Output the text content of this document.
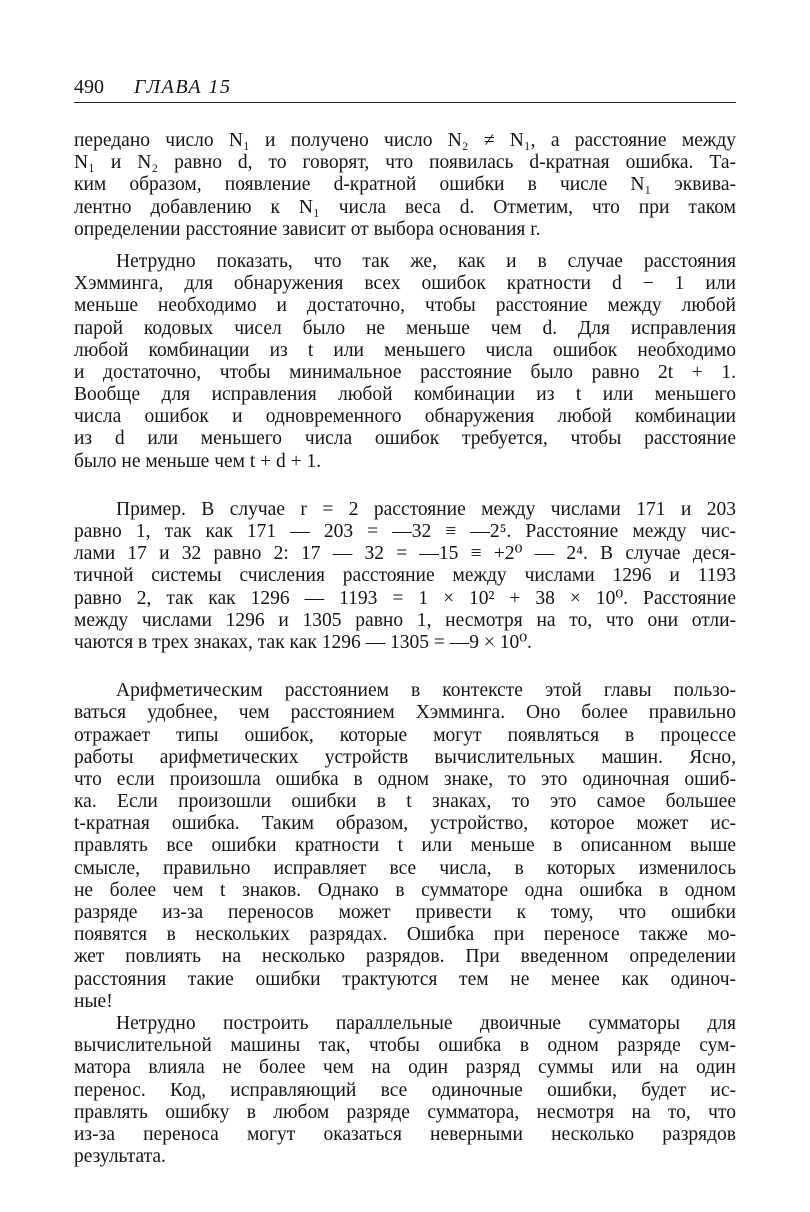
490 ГЛАВА 15
передано число N₁ и получено число N₂ ≠ N₁, а расстояние между
N₁ и N₂ равно d, то говорят, что появилась d-кратная ошибка. Та-
ким образом, появление d-кратной ошибки в числе N₁ эквива-
лентно добавлению к N₁ числа веса d. Отметим, что при таком
определении расстояние зависит от выбора основания r.
Нетрудно показать, что так же, как и в случае расстояния
Хэмминга, для обнаружения всех ошибок кратности d − 1 или
меньше необходимо и достаточно, чтобы расстояние между любой
парой кодовых чисел было не меньше чем d. Для исправления
любой комбинации из t или меньшего числа ошибок необходимо
и достаточно, чтобы минимальное расстояние было равно 2t + 1.
Вообще для исправления любой комбинации из t или меньшего
числа ошибок и одновременного обнаружения любой комбинации
из d или меньшего числа ошибок требуется, чтобы расстояние
было не меньше чем t + d + 1.
Пример. В случае r = 2 расстояние между числами 171 и 203
равно 1, так как 171 — 203 = —32 ≡ —2⁵. Расстояние между чис-
лами 17 и 32 равно 2: 17 — 32 = —15 ≡ +2⁰ — 2⁴. В случае деся-
тичной системы счисления расстояние между числами 1296 и 1193
равно 2, так как 1296 — 1193 = 1 × 10² + 38 × 10⁰. Расстояние
между числами 1296 и 1305 равно 1, несмотря на то, что они отли-
чаются в трех знаках, так как 1296 — 1305 = —9 × 10⁰.
Арифметическим расстоянием в контексте этой главы пользо-
ваться удобнее, чем расстоянием Хэмминга. Оно более правильно
отражает типы ошибок, которые могут появляться в процессе
работы арифметических устройств вычислительных машин. Ясно,
что если произошла ошибка в одном знаке, то это одиночная ошиб-
ка. Если произошли ошибки в t знаках, то это самое большее
t-кратная ошибка. Таким образом, устройство, которое может ис-
правлять все ошибки кратности t или меньше в описанном выше
смысле, правильно исправляет все числа, в которых изменилось
не более чем t знаков. Однако в сумматоре одна ошибка в одном
разряде из-за переносов может привести к тому, что ошибки
появятся в нескольких разрядах. Ошибка при переносе также мо-
жет повлиять на несколько разрядов. При введенном определении
расстояния такие ошибки трактуются тем не менее как одиноч-
ные!
Нетрудно построить параллельные двоичные сумматоры для
вычислительной машины так, чтобы ошибка в одном разряде сум-
матора влияла не более чем на один разряд суммы или на один
перенос. Код, исправляющий все одиночные ошибки, будет ис-
правлять ошибку в любом разряде сумматора, несмотря на то, что
из-за переноса могут оказаться неверными несколько разрядов
результата.
